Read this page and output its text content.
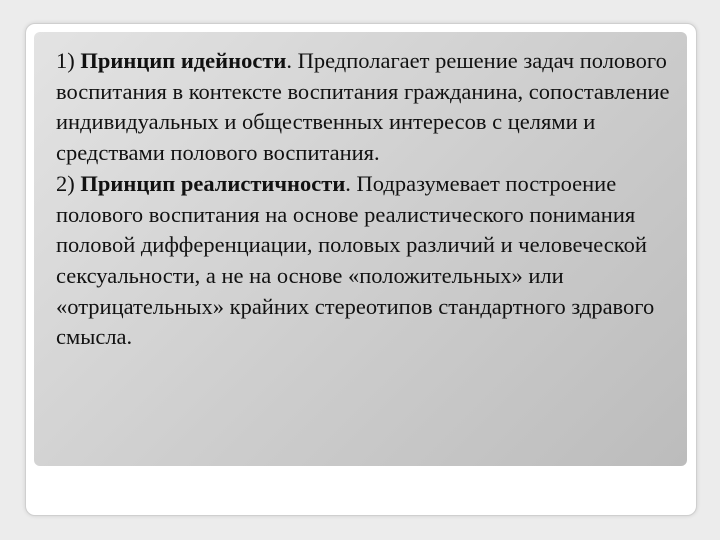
1) Принцип идейности. Предполагает решение задач полового воспитания в контексте воспитания гражданина, сопоставление индивидуальных и общественных интересов с целями и средствами полового воспитания.

2) Принцип реалистичности. Подразумевает построение полового воспитания на основе реалистического понимания половой дифференциации, половых различий и человеческой сексуальности, а не на основе «положительных» или «отрицательных» крайних стереотипов стандартного здравого смысла.
